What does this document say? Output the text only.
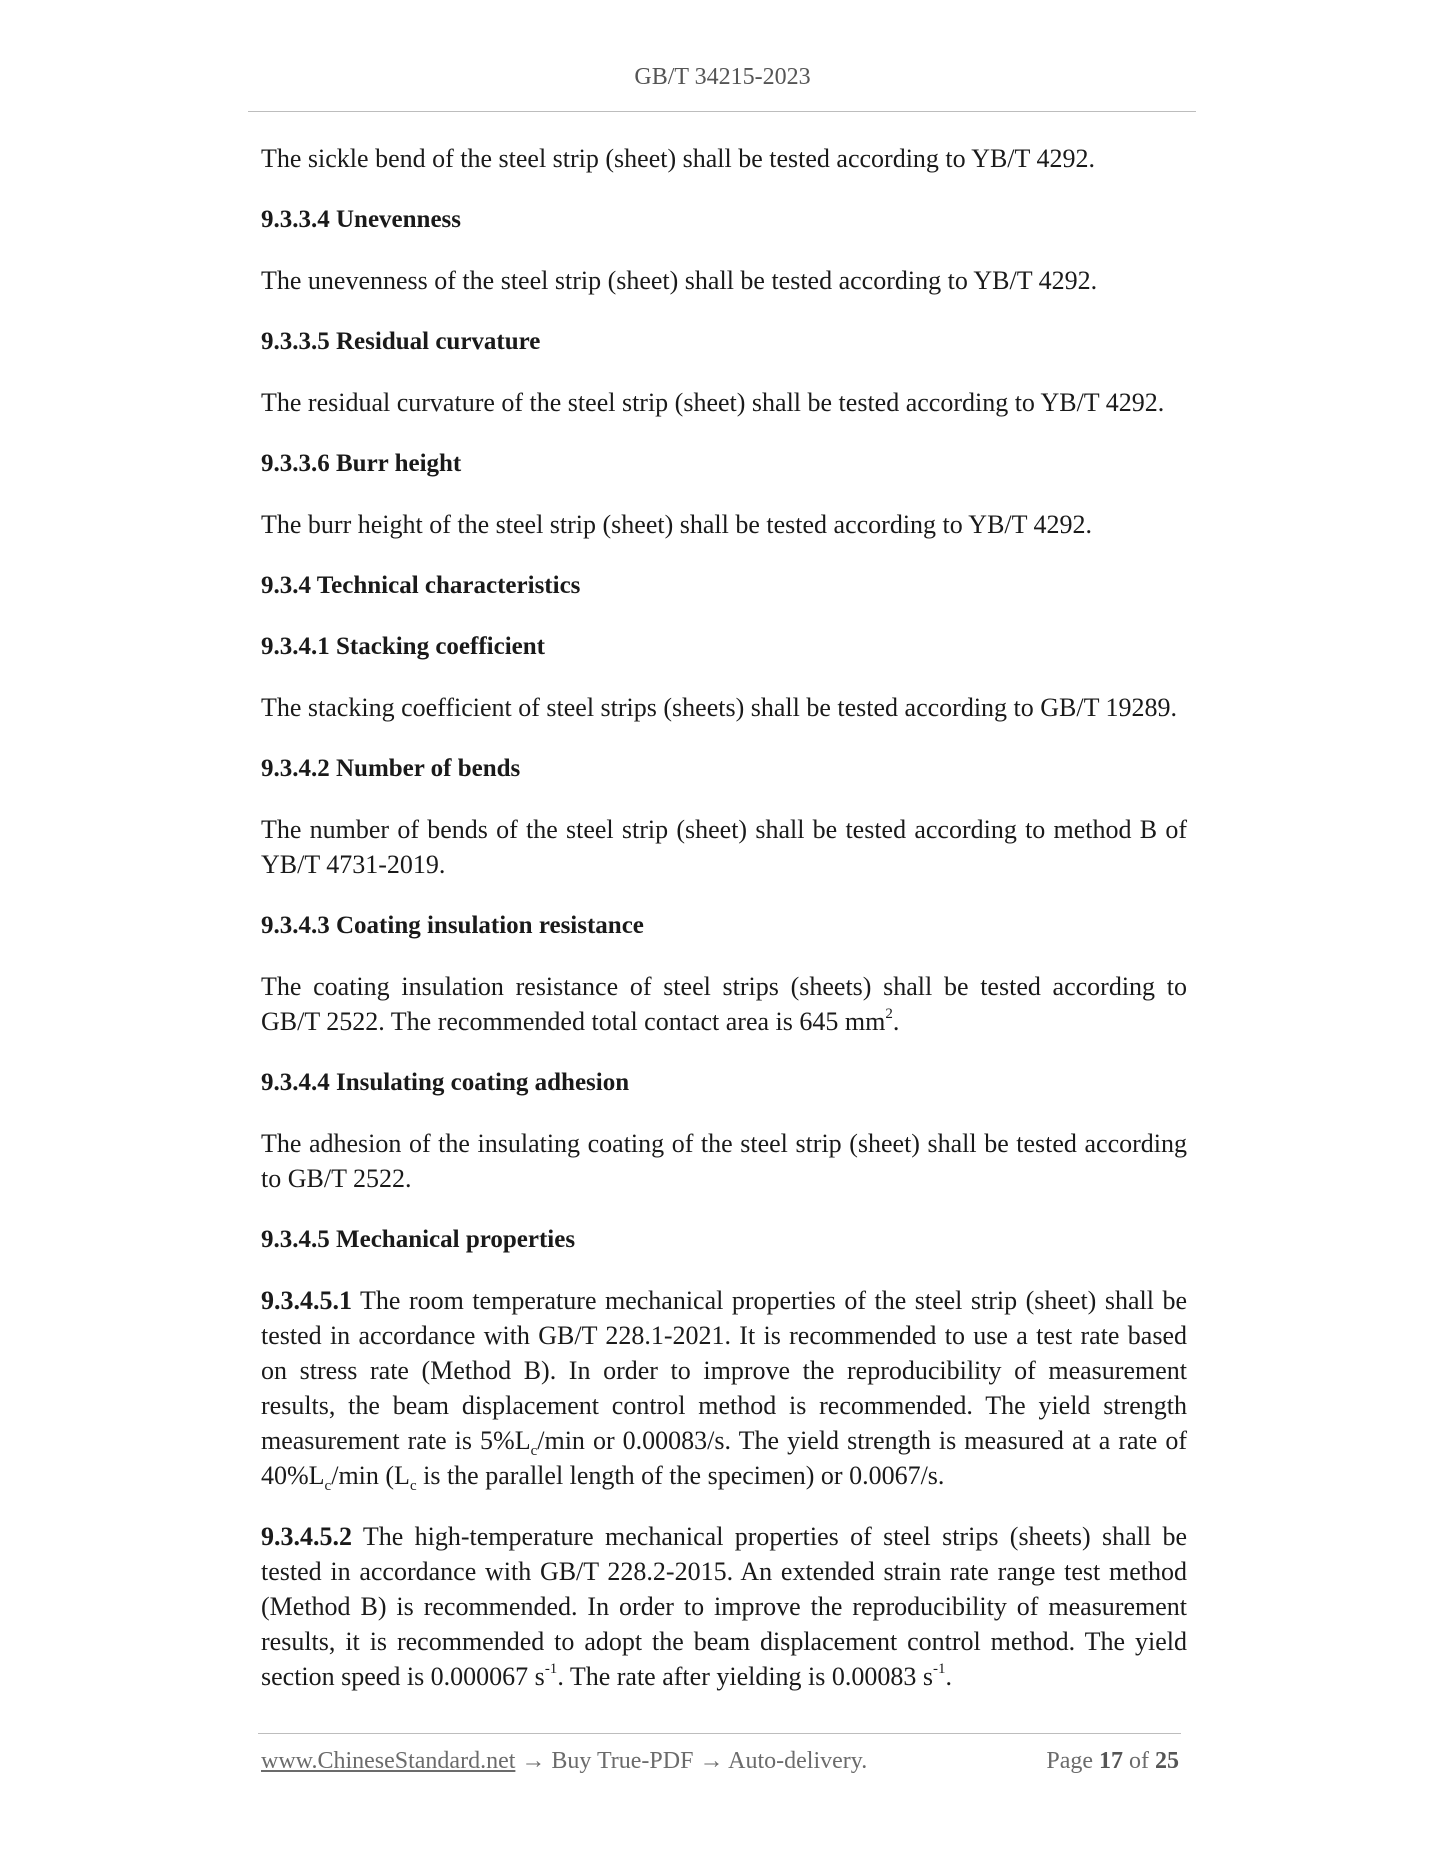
GB/T 34215-2023

The sickle bend of the steel strip (sheet) shall be tested according to YB/T 4292.

9.3.3.4 Unevenness

The unevenness of the steel strip (sheet) shall be tested according to YB/T 4292.

9.3.3.5 Residual curvature

The residual curvature of the steel strip (sheet) shall be tested according to YB/T 4292.

9.3.3.6 Burr height

The burr height of the steel strip (sheet) shall be tested according to YB/T 4292.

9.3.4 Technical characteristics
9.3.4.1 Stacking coefficient

The stacking coefficient of steel strips (sheets) shall be tested according to GB/T 19289.

9.3.4.2 Number of bends

The number of bends of the steel strip (sheet) shall be tested according to method B of YB/T 4731-2019.

9.3.4.3 Coating insulation resistance

The coating insulation resistance of steel strips (sheets) shall be tested according to GB/T 2522. The recommended total contact area is 645 $mm^2$.

9.3.4.4 Insulating coating adhesion

The adhesion of the insulating coating of the steel strip (sheet) shall be tested according to GB/T 2522.

9.3.4.5 Mechanical properties

9.3.4.5.1 The room temperature mechanical properties of the steel strip (sheet) shall be tested in accordance with GB/T 228.1-2021. It is recommended to use a test rate based on stress rate (Method B). In order to improve the reproducibility of measurement results, the beam displacement control method is recommended. The yield strength measurement rate is $5\%L_c/\min$ or 0.00083/s. The yield strength is measured at a rate of $40\%L_c/\min$ ($L_c$ is the parallel length of the specimen) or 0.0067/s.

9.3.4.5.2 The high-temperature mechanical properties of steel strips (sheets) shall be tested in accordance with GB/T 228.2-2015. An extended strain rate range test method (Method B) is recommended. In order to improve the reproducibility of measurement results, it is recommended to adopt the beam displacement control method. The yield section speed is 0.000067 $s^{-1}$. The rate after yielding is 0.00083 $s^{-1}$.

www.ChineseStandard.net → Buy True-PDF → Auto-delivery.	Page 17 of 25
